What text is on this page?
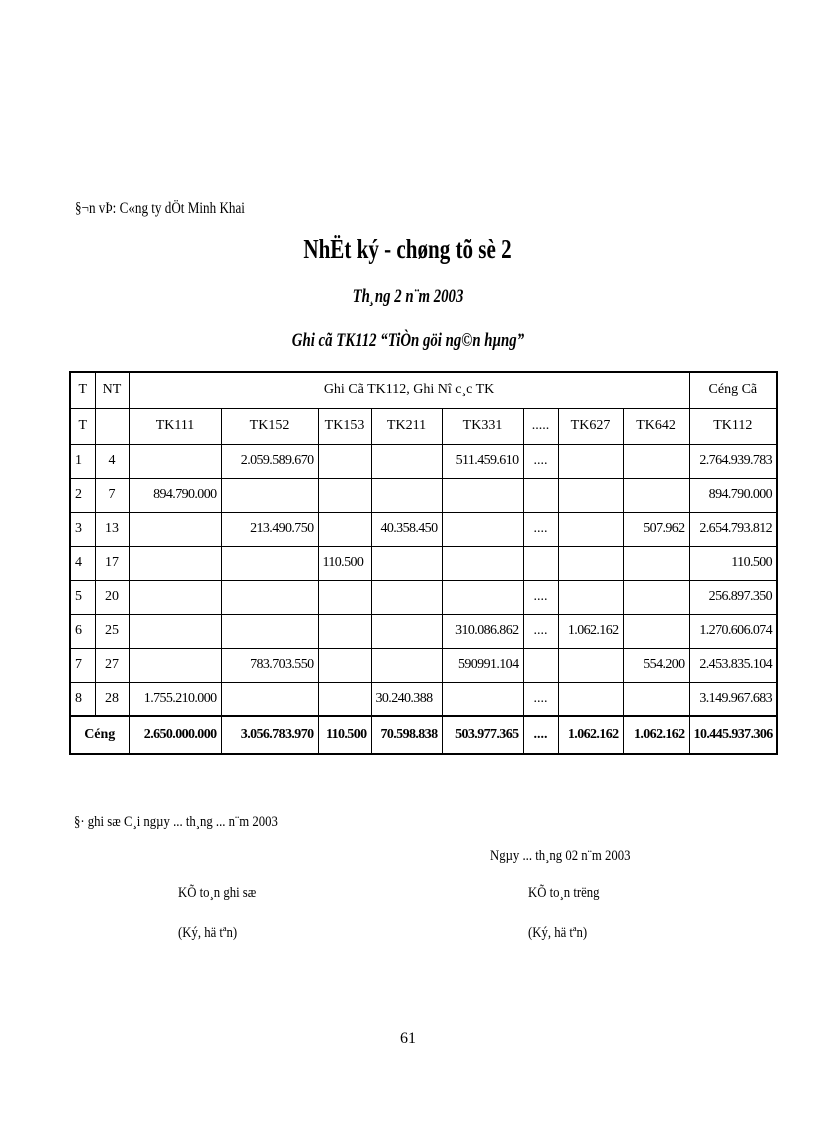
§¬n vÞ: C«ng ty dÖt Minh Khai
NhËt ký - chøng tõ sè 2
Th¸ng 2 n¨m 2003
Ghi cã TK112 “TiÒn göi ng©n hµng”
T	NT	Ghi Cã TK112, Ghi Nî c¸c TK								Céng Cã
T		TK111	TK152	TK153	TK211	TK331	.....	TK627	TK642	TK112
1	4		2.059.589.670			511.459.610	....			2.764.939.783
2	7	894.790.000								894.790.000
3	13		213.490.750		40.358.450		....		507.962	2.654.793.812
4	17			110.500						110.500
5	20						....			256.897.350
6	25					310.086.862	....	1.062.162		1.270.606.074
7	27		783.703.550			590991.104			554.200	2.453.835.104
8	28	1.755.210.000			30.240.388		....			3.149.967.683
Céng		2.650.000.000	3.056.783.970	110.500	70.598.838	503.977.365	....	1.062.162	1.062.162	10.445.937.306
§· ghi sæ C¸i ngµy ... th¸ng ... n¨m 2003
Ngµy ... th¸ng 02 n¨m 2003
KÕ to¸n ghi sæ
(Ký, hä tªn)
KÕ to¸n trëng
(Ký, hä tªn)
61
